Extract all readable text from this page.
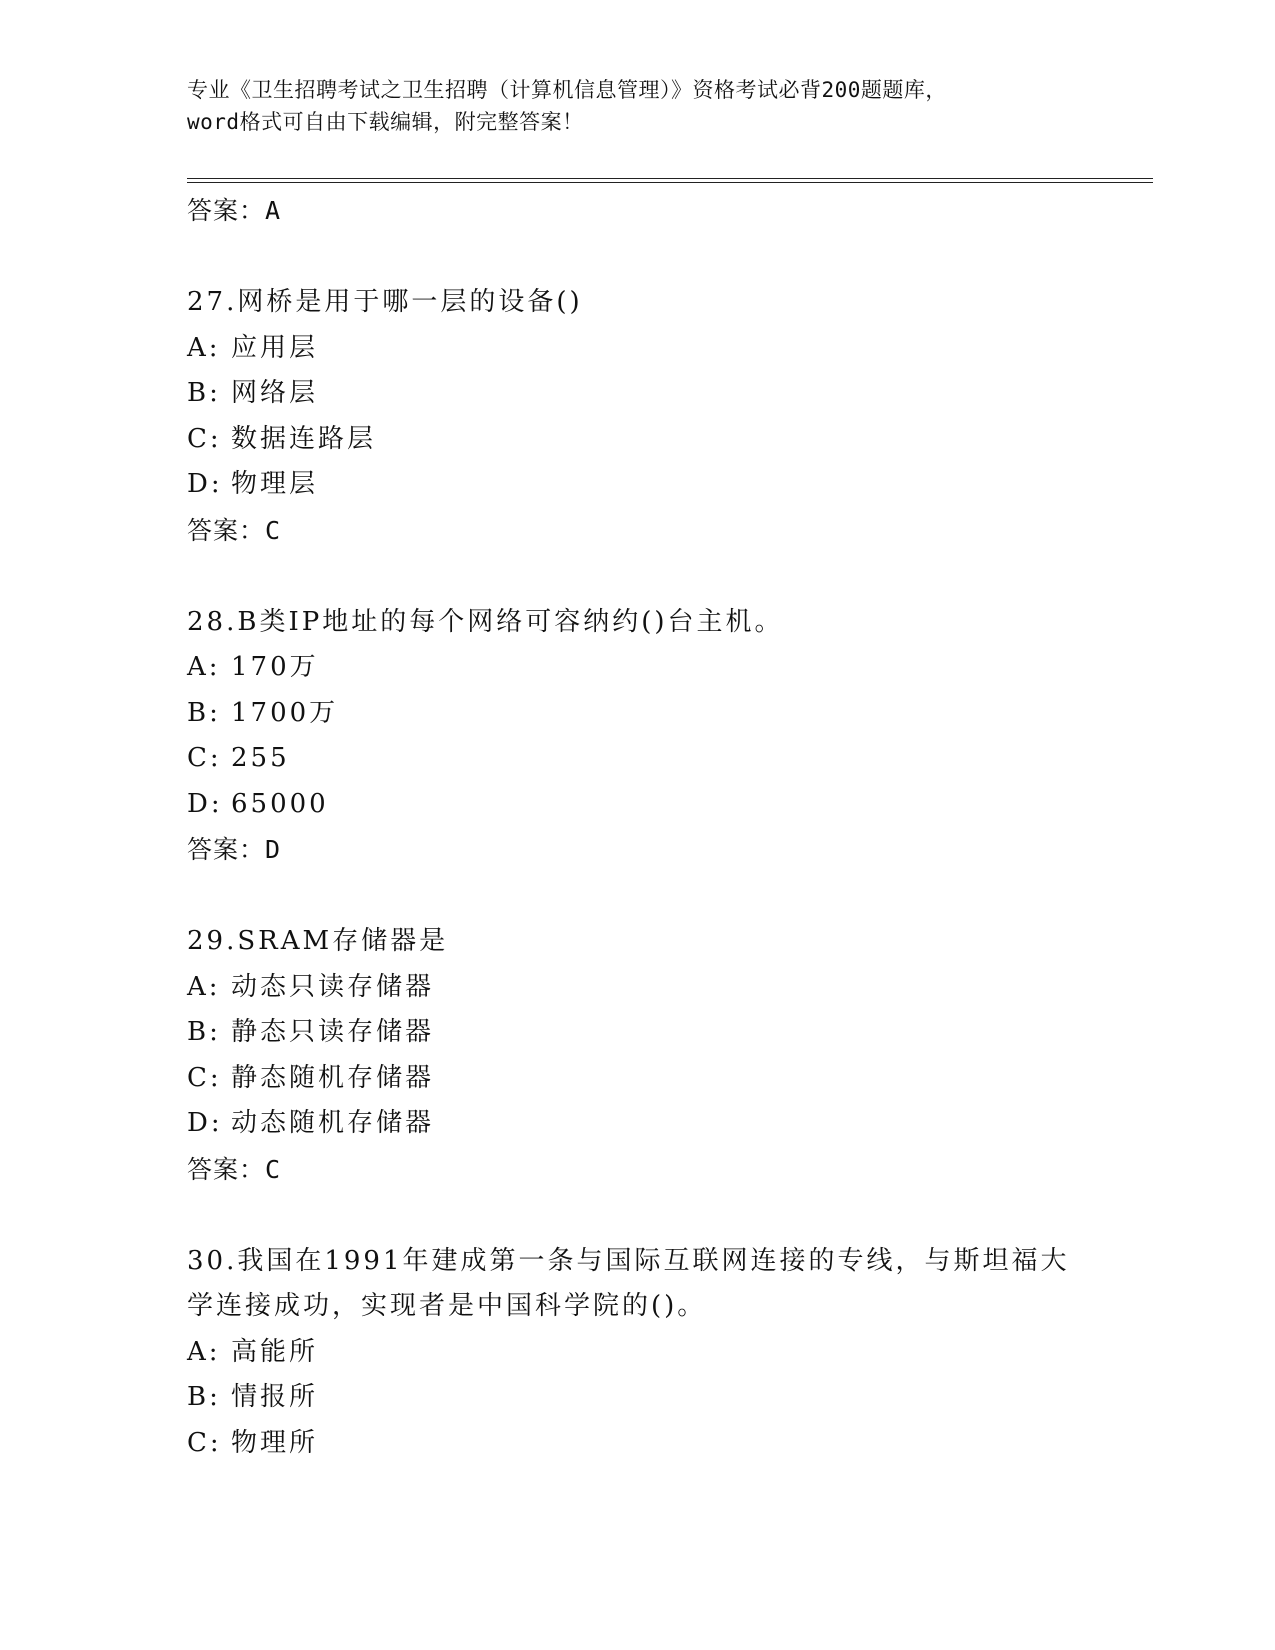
专业《卫生招聘考试之卫生招聘（计算机信息管理）》资格考试必背200题题库，
word格式可自由下载编辑，附完整答案！
答案：A
27.网桥是用于哪一层的设备()
A: 应用层
B: 网络层
C: 数据连路层
D: 物理层
答案：C
28.B类IP地址的每个网络可容纳约()台主机。
A: 170万
B: 1700万
C: 255
D: 65000
答案：D
29.SRAM存储器是
A: 动态只读存储器
B: 静态只读存储器
C: 静态随机存储器
D: 动态随机存储器
答案：C
30.我国在1991年建成第一条与国际互联网连接的专线，与斯坦福大
学连接成功，实现者是中国科学院的()。
A: 高能所
B: 情报所
C: 物理所
